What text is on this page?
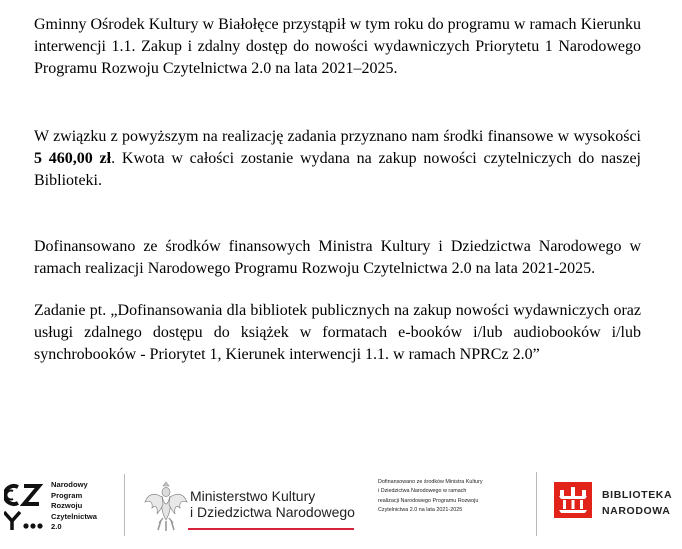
Gminny Ośrodek Kultury w Białołęce przystąpił w tym roku do programu w ramach Kierunku interwencji 1.1. Zakup i zdalny dostęp do nowości wydawniczych Priorytetu 1 Narodowego Programu Rozwoju Czytelnictwa 2.0 na lata 2021–2025.

W związku z powyższym na realizację zadania przyznano nam środki finansowe w wysokości 5 460,00 zł. Kwota w całości zostanie wydana na zakup nowości czytelniczych do naszej Biblioteki.

Dofinansowano ze środków finansowych Ministra Kultury i Dziedzictwa Narodowego w ramach realizacji Narodowego Programu Rozwoju Czytelnictwa 2.0 na lata 2021-2025.

Zadanie pt. „Dofinansowania dla bibliotek publicznych na zakup nowości wydawniczych oraz usługi zdalnego dostępu do książek w formatach e-booków i/lub audiobooków i/lub synchrobooków - Priorytet 1, Kierunek interwencji 1.1. w ramach NPRCz 2.0”

Narodowy
Program
Rozwoju
Czytelnictwa
2.0
Ministerstwo Kultury
i Dziedzictwa Narodowego
Dofinansowano ze środków Ministra Kultury
i Dziedzictwa Narodowego w ramach
realizacji Narodowego Programu Rozwoju
Czytelnictwa 2.0 na lata 2021-2025
BIBLIOTEKA
NARODOWA
